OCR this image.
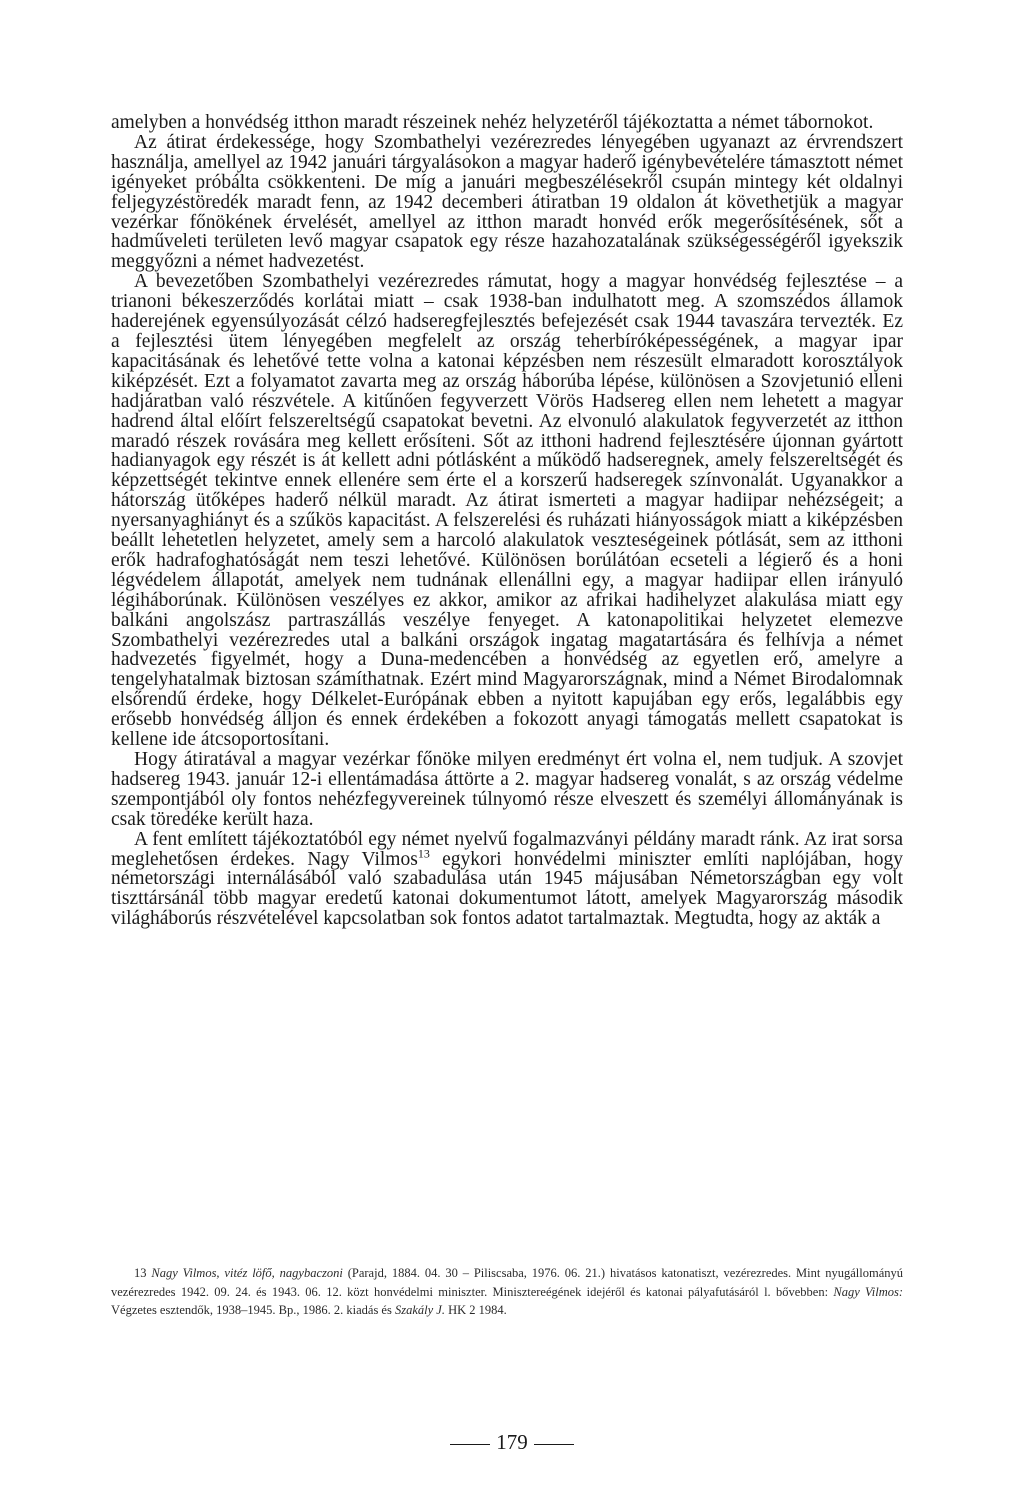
amelyben a honvédség itthon maradt részeinek nehéz helyzetéről tájékoztatta a német tábornokot.

Az átirat érdekessége, hogy Szombathelyi vezérezredes lényegében ugyanazt az érvrendszert használja, amellyel az 1942 januári tárgyalásokon a magyar haderő igénybevételére támasztott német igényeket próbálta csökkenteni. De míg a januári megbeszélésekről csupán mintegy két oldalnyi feljegyzéstöredék maradt fenn, az 1942 decemberi átiratban 19 oldalon át követhetjük a magyar vezérkar főnökének érvelését, amellyel az itthon maradt honvéd erők megerősítésének, sőt a hadműveleti területen levő magyar csapatok egy része hazahozatalának szükségességéről igyekszik meggyőzni a német hadvezetést.

A bevezetőben Szombathelyi vezérezredes rámutat, hogy a magyar honvédség fejlesztése – a trianoni békeszerződés korlátai miatt – csak 1938-ban indulhatott meg. A szomszédos államok haderejének egyensúlyozását célzó hadseregfejlesztés befejezését csak 1944 tavaszára tervezték. Ez a fejlesztési ütem lényegében megfelelt az ország teherbíróképességének, a magyar ipar kapacitásának és lehetővé tette volna a katonai képzésben nem részesült elmaradott korosztályok kiképzését. Ezt a folyamatot zavarta meg az ország háborúba lépése, különösen a Szovjetunió elleni hadjáratban való részvétele. A kitűnően fegyverzett Vörös Hadsereg ellen nem lehetett a magyar hadrend által előírt felszereltségű csapatokat bevetni. Az elvonuló alakulatok fegyverzetét az itthon maradó részek rovására meg kellett erősíteni. Sőt az itthoni hadrend fejlesztésére újonnan gyártott hadianyagok egy részét is át kellett adni pótlásként a működő hadseregnek, amely felszereltségét és képzettségét tekintve ennek ellenére sem érte el a korszerű hadseregek színvonalát. Ugyanakkor a hátország ütőképes haderő nélkül maradt. Az átirat ismerteti a magyar hadiipar nehézségeit; a nyersanyaghiányt és a szűkös kapacitást. A felszerelési és ruházati hiányosságok miatt a kiképzésben beállt lehetetlen helyzetet, amely sem a harcoló alakulatok veszteségeinek pótlását, sem az itthoni erők hadrafoghatóságát nem teszi lehetővé. Különösen borúlátóan ecseteli a légierő és a honi légvédelem állapotát, amelyek nem tudnának ellenállni egy, a magyar hadiipar ellen irányuló légiháborúnak. Különösen veszélyes ez akkor, amikor az afrikai hadihelyzet alakulása miatt egy balkáni angolszász partraszállás veszélye fenyeget. A katonapolitikai helyzetet elemezve Szombathelyi vezérezredes utal a balkáni országok ingatag magatartására és felhívja a német hadvezetés figyelmét, hogy a Duna-medencében a honvédség az egyetlen erő, amelyre a tengelyhatalmak biztosan számíthatnak. Ezért mind Magyarországnak, mind a Német Birodalomnak elsőrendű érdeke, hogy Délkelet-Európának ebben a nyitott kapujában egy erős, legalábbis egy erősebb honvédség álljon és ennek érdekében a fokozott anyagi támogatás mellett csapatokat is kellene ide átcsoportosítani.

Hogy átiratával a magyar vezérkar főnöke milyen eredményt ért volna el, nem tudjuk. A szovjet hadsereg 1943. január 12-i ellentámadása áttörte a 2. magyar hadsereg vonalát, s az ország védelme szempontjából oly fontos nehézfegyvereinek túlnyomó része elveszett és személyi állományának is csak töredéke került haza.

A fent említett tájékoztatóból egy német nyelvű fogalmazványi példány maradt ránk. Az irat sorsa meglehetősen érdekes. Nagy Vilmos$^{13}$ egykori honvédelmi miniszter említi naplójában, hogy németországi internálásából való szabadulása után 1945 májusában Németországban egy volt tiszttársánál több magyar eredetű katonai dokumentumot látott, amelyek Magyarország második világháborús részvételével kapcsolatban sok fontos adatot tartalmaztak. Megtudta, hogy az akták a

13 Nagy Vilmos, vitéz löfő, nagybaczoni (Parajd, 1884. 04. 30 – Piliscsaba, 1976. 06. 21.) hivatásos katonatiszt, vezérezredes. Mint nyugállományú vezérezredes 1942. 09. 24. és 1943. 06. 12. közt honvédelmi miniszter. Minisztereégének idejéről és katonai pályafutásáról l. bővebben: Nagy Vilmos: Végzetes esztendők, 1938–1945. Bp., 1986. 2. kiadás és Szakály J. HK 2 1984.

179
